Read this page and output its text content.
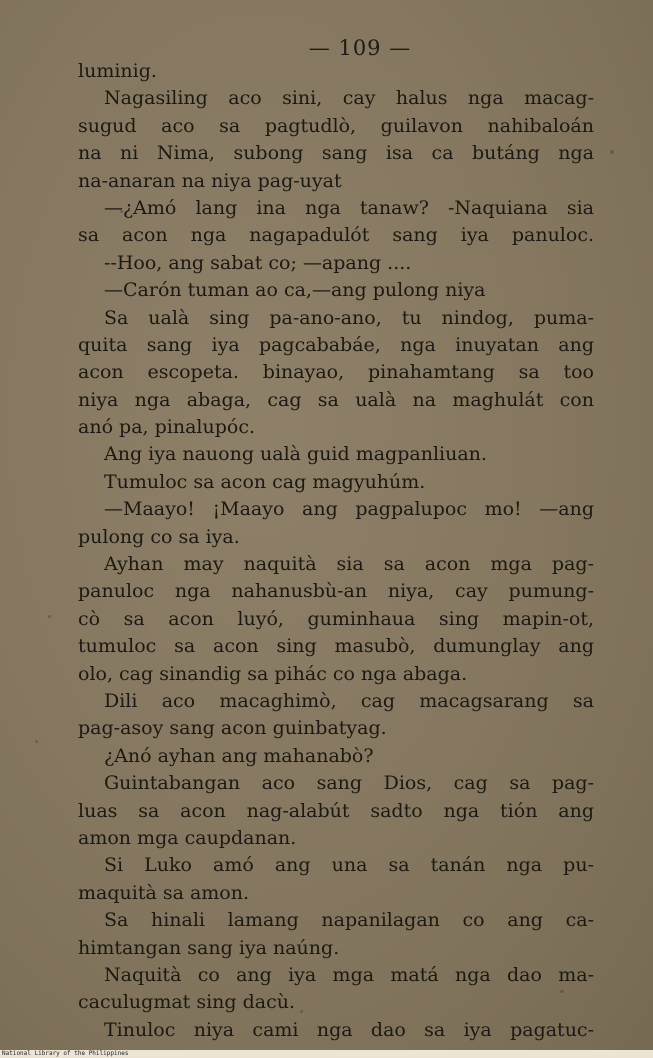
— 109 —
luminig.
Nagasiling aco sini, cay halus nga macag-
sugud aco sa pagtudlò, guilavon nahibaloán
na ni Nima, subong sang isa ca butáng nga
na-anaran na niya pag-uyat
—¿Amó lang ina nga tanaw? -Naquiana sia
sa acon nga nagapadulót sang iya panuloc.
--Hoo, ang sabat co; —apang ....
—Carón tuman ao ca,—ang pulong niya
Sa ualà sing pa-ano-ano, tu nindog, puma-
quita sang iya pagcababáe, nga inuyatan ang
acon escopeta. binayao, pinahamtang sa too
niya nga abaga, cag sa ualà na maghulát con
anó pa, pinalupóc.
Ang iya nauong ualà guid magpanliuan.
Tumuloc sa acon cag magyuhúm.
—Maayo! ¡Maayo ang pagpalupoc mo! —ang
pulong co sa iya.
Ayhan may naquità sia sa acon mga pag-
panuloc nga nahanusbù-an niya, cay pumung-
cò sa acon luyó, guminhaua sing mapin-ot,
tumuloc sa acon sing masubò, dumunglay ang
olo, cag sinandig sa pihác co nga abaga.
Dili aco macaghimò, cag macagsarang sa
pag-asoy sang acon guinbatyag.
¿Anó ayhan ang mahanabò?
Guintabangan aco sang Dios, cag sa pag-
luas sa acon nag-alabút sadto nga tión ang
amon mga caupdanan.
Si Luko amó ang una sa tanán nga pu-
maquità sa amon.
Sa hinali lamang napanilagan co ang ca-
himtangan sang iya naúng.
Naquità co ang iya mga matá nga dao ma-
caculugmat sing dacù.
Tinuloc niya cami nga dao sa iya pagatuc-
National Library of the Philippines
